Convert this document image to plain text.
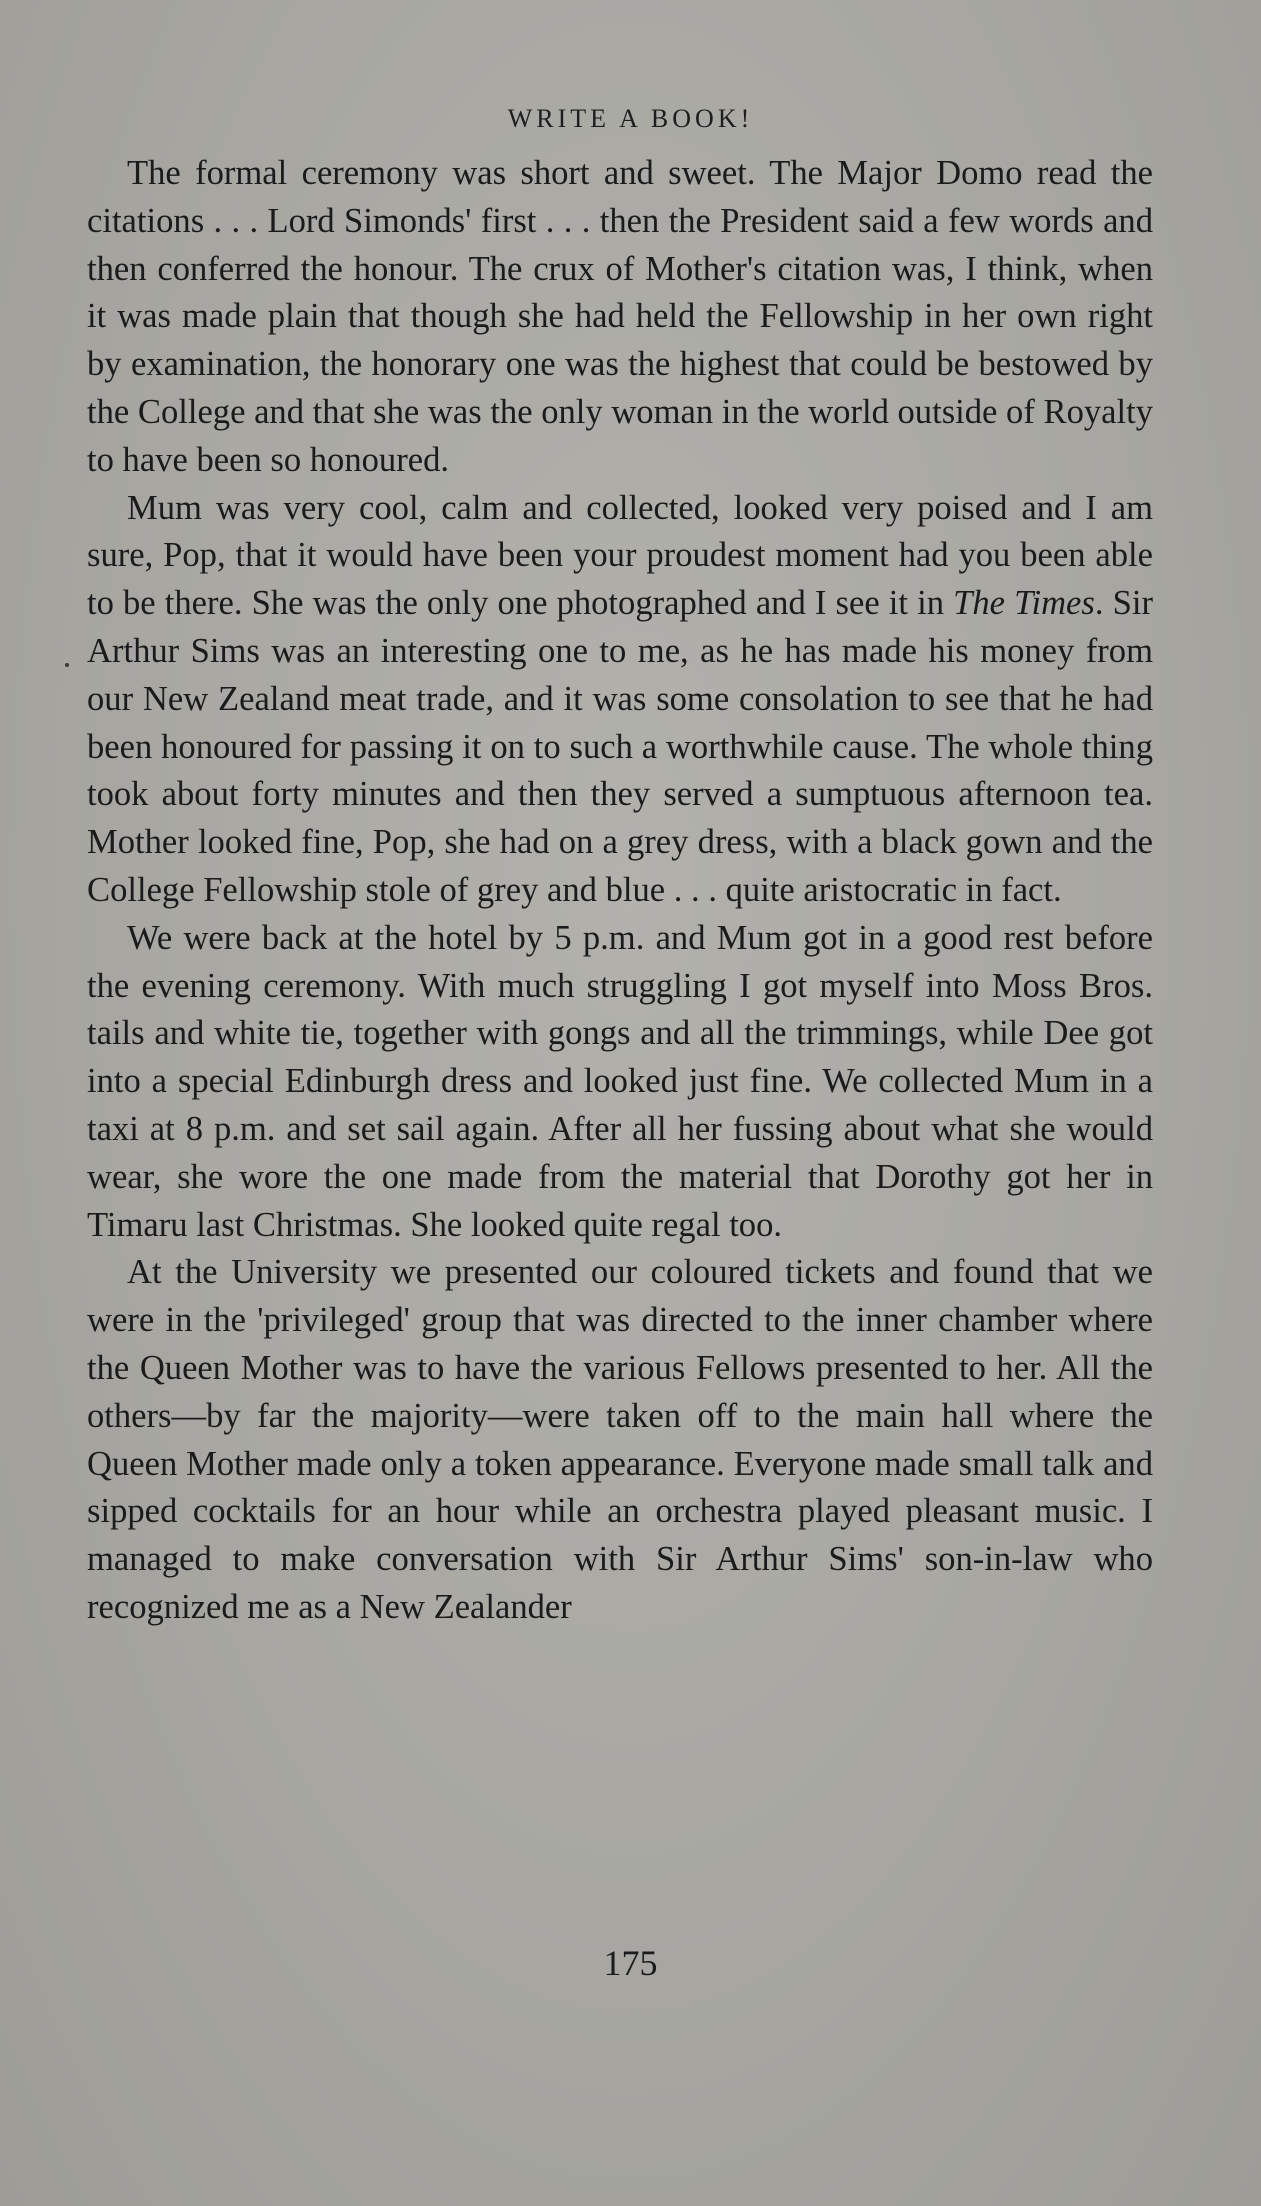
WRITE A BOOK!

The formal ceremony was short and sweet. The Major Domo read the citations . . . Lord Simonds' first . . . then the President said a few words and then conferred the honour. The crux of Mother's citation was, I think, when it was made plain that though she had held the Fellowship in her own right by examination, the honorary one was the highest that could be bestowed by the College and that she was the only woman in the world outside of Royalty to have been so honoured.

Mum was very cool, calm and collected, looked very poised and I am sure, Pop, that it would have been your proudest moment had you been able to be there. She was the only one photographed and I see it in The Times. Sir Arthur Sims was an interesting one to me, as he has made his money from our New Zealand meat trade, and it was some consolation to see that he had been honoured for passing it on to such a worthwhile cause. The whole thing took about forty minutes and then they served a sumptuous afternoon tea. Mother looked fine, Pop, she had on a grey dress, with a black gown and the College Fellowship stole of grey and blue . . . quite aristocratic in fact.

We were back at the hotel by 5 p.m. and Mum got in a good rest before the evening ceremony. With much struggling I got myself into Moss Bros. tails and white tie, together with gongs and all the trimmings, while Dee got into a special Edinburgh dress and looked just fine. We collected Mum in a taxi at 8 p.m. and set sail again. After all her fussing about what she would wear, she wore the one made from the material that Dorothy got her in Timaru last Christmas. She looked quite regal too.

At the University we presented our coloured tickets and found that we were in the 'privileged' group that was directed to the inner chamber where the Queen Mother was to have the various Fellows presented to her. All the others—by far the majority—were taken off to the main hall where the Queen Mother made only a token appearance. Everyone made small talk and sipped cocktails for an hour while an orchestra played pleasant music. I managed to make conversation with Sir Arthur Sims' son-in-law who recognized me as a New Zealander

175
